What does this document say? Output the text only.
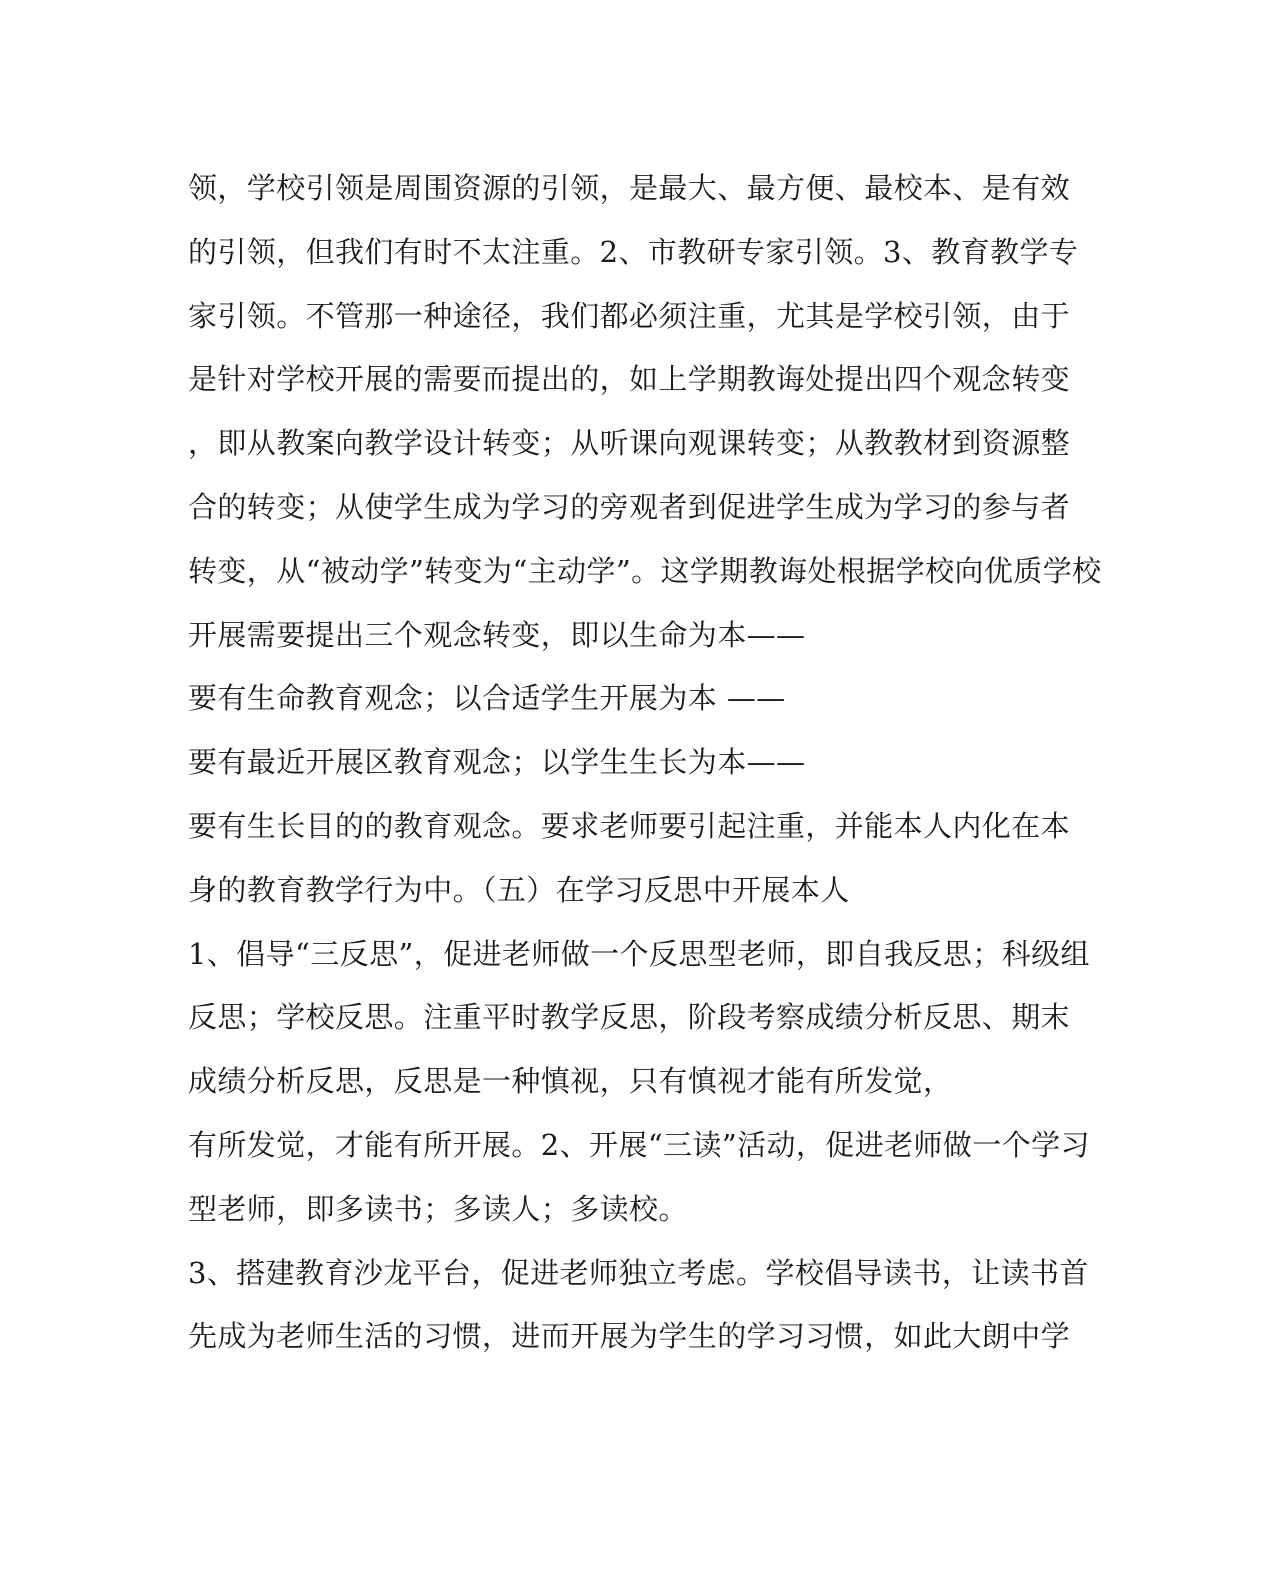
领，学校引领是周围资源的引领，是最大、最方便、最校本、是有效
的引领，但我们有时不太注重。2、市教研专家引领。3、教育教学专
家引领。不管那一种途径，我们都必须注重，尤其是学校引领，由于
是针对学校开展的需要而提出的，如上学期教诲处提出四个观念转变
，即从教案向教学设计转变；从听课向观课转变；从教教材到资源整
合的转变；从使学生成为学习的旁观者到促进学生成为学习的参与者
转变，从“被动学”转变为“主动学”。这学期教诲处根据学校向优质学校
开展需要提出三个观念转变，即以生命为本——
要有生命教育观念；以合适学生开展为本 ——
要有最近开展区教育观念；以学生生长为本——
要有生长目的的教育观念。要求老师要引起注重，并能本人内化在本
身的教育教学行为中。（五）在学习反思中开展本人
1、倡导“三反思”，促进老师做一个反思型老师，即自我反思；科级组
反思；学校反思。注重平时教学反思，阶段考察成绩分析反思、期末
成绩分析反思，反思是一种慎视，只有慎视才能有所发觉，
有所发觉，才能有所开展。2、开展“三读”活动，促进老师做一个学习
型老师，即多读书；多读人；多读校。
3、搭建教育沙龙平台，促进老师独立考虑。学校倡导读书，让读书首
先成为老师生活的习惯，进而开展为学生的学习习惯，如此大朗中学
